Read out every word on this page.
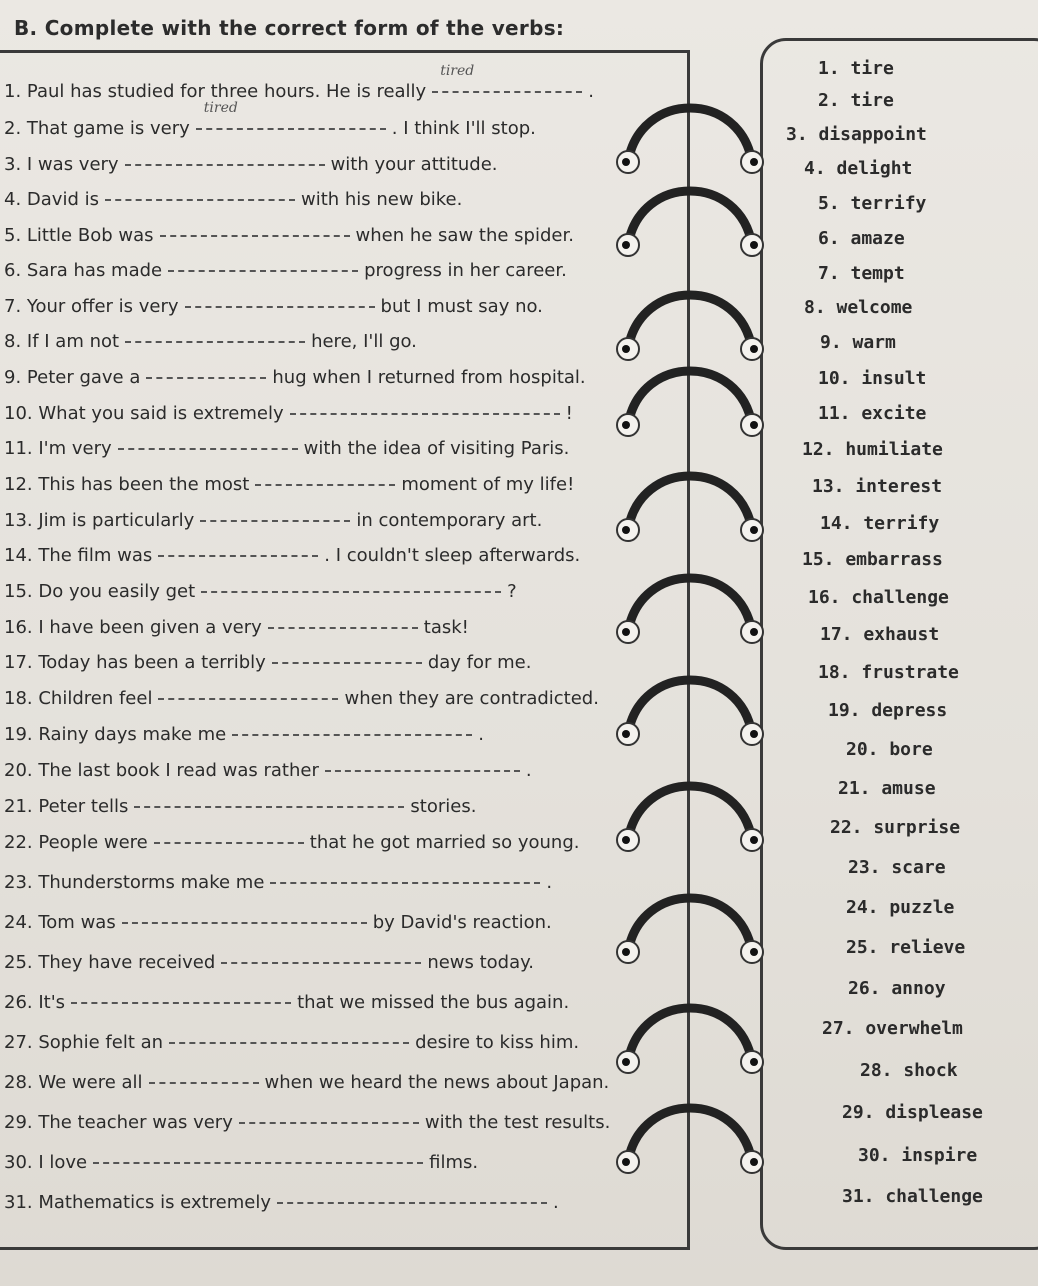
B. Complete with the correct form of the verbs:
1. Paul has studied for three hours. He is really
tired
.
2. That game is very
tired
. I think I'll stop.
3. I was very	with your attitude.
4. David is	with his new bike.
5. Little Bob was	when he saw the spider.
6. Sara has made	progress in her career.
7. Your offer is very	but I must say no.
8. If I am not	here, I'll go.
9. Peter gave a	hug when I returned from hospital.
10. What you said is extremely	!
11. I'm very	with the idea of visiting Paris.
12. This has been the most	moment of my life!
13. Jim is particularly	in contemporary art.
14. The film was	. I couldn't sleep afterwards.
15. Do you easily get	?
16. I have been given a very	task!
17. Today has been a terribly	day for me.
18. Children feel	when they are contradicted.
19. Rainy days make me	.
20. The last book I read was rather	.
21. Peter tells	stories.
22. People were	that he got married so young.
23. Thunderstorms make me	.
24. Tom was	by David's reaction.
25. They have received	news today.
26. It's	that we missed the bus again.
27. Sophie felt an	desire to kiss him.
28. We were all	when we heard the news about Japan.
29. The teacher was very	with the test results.
30. I love	films.
31. Mathematics is extremely	.
1. tire
2. tire
3. disappoint
4. delight
5. terrify
6. amaze
7. tempt
8. welcome
9. warm
10. insult
11. excite
12. humiliate
13. interest
14. terrify
15. embarrass
16. challenge
17. exhaust
18. frustrate
19. depress
20. bore
21. amuse
22. surprise
23. scare
24. puzzle
25. relieve
26. annoy
27. overwhelm
28. shock
29. displease
30. inspire
31. challenge
